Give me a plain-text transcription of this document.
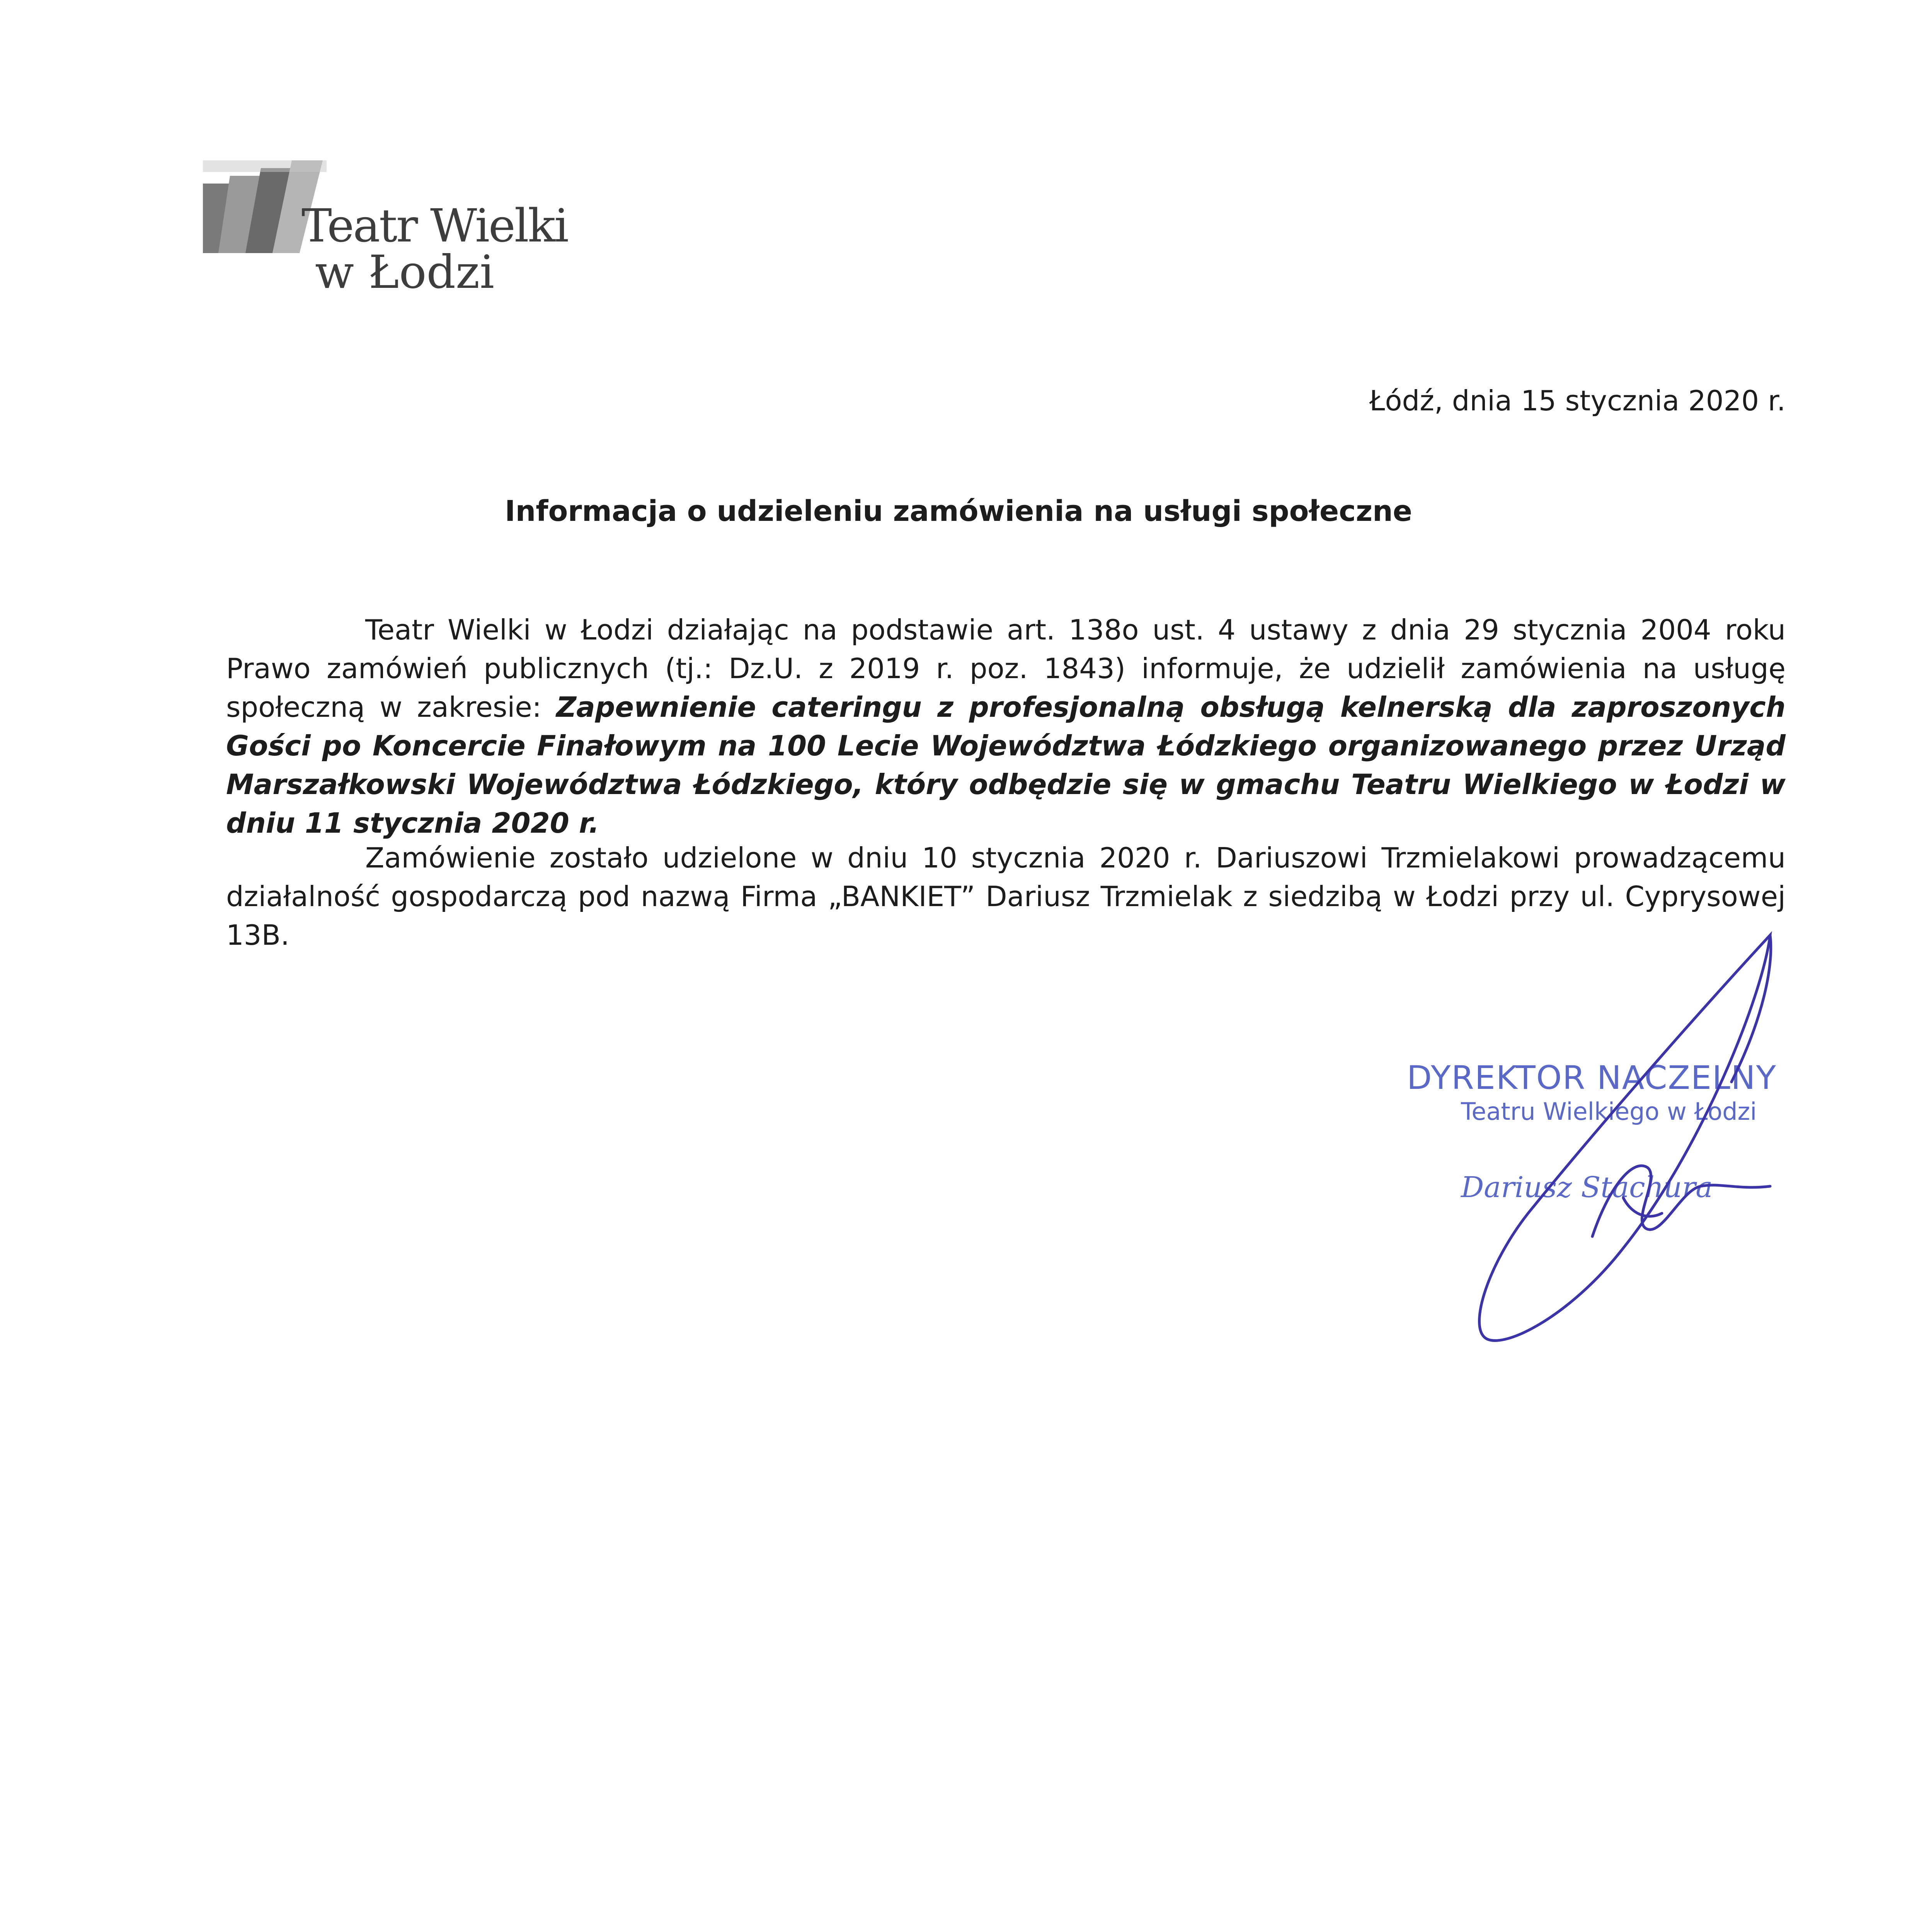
Teatr Wielki
w Łodzi
Łódź, dnia 15 stycznia 2020 r.
Informacja o udzieleniu zamówienia na usługi społeczne
Teatr Wielki w Łodzi działając na podstawie art. 138o ust. 4 ustawy z dnia 29 stycznia 2004 roku Prawo zamówień publicznych (tj.: Dz.U. z 2019 r. poz. 1843) informuje, że udzielił zamówienia na usługę społeczną w zakresie: Zapewnienie cateringu z profesjonalną obsługą kelnerską dla zaproszonych Gości po Koncercie Finałowym na 100 Lecie Województwa Łódzkiego organizowanego przez Urząd Marszałkowski Województwa Łódzkiego, który odbędzie się w gmachu Teatru Wielkiego w Łodzi w dniu 11 stycznia 2020 r.
Zamówienie zostało udzielone w dniu 10 stycznia 2020 r. Dariuszowi Trzmielakowi prowadzącemu działalność gospodarczą pod nazwą Firma „BANKIET” Dariusz Trzmielak z siedzibą w Łodzi przy ul. Cyprysowej 13B.
DYREKTOR NACZELNY
Teatru Wielkiego w Łodzi
Dariusz Stachura
